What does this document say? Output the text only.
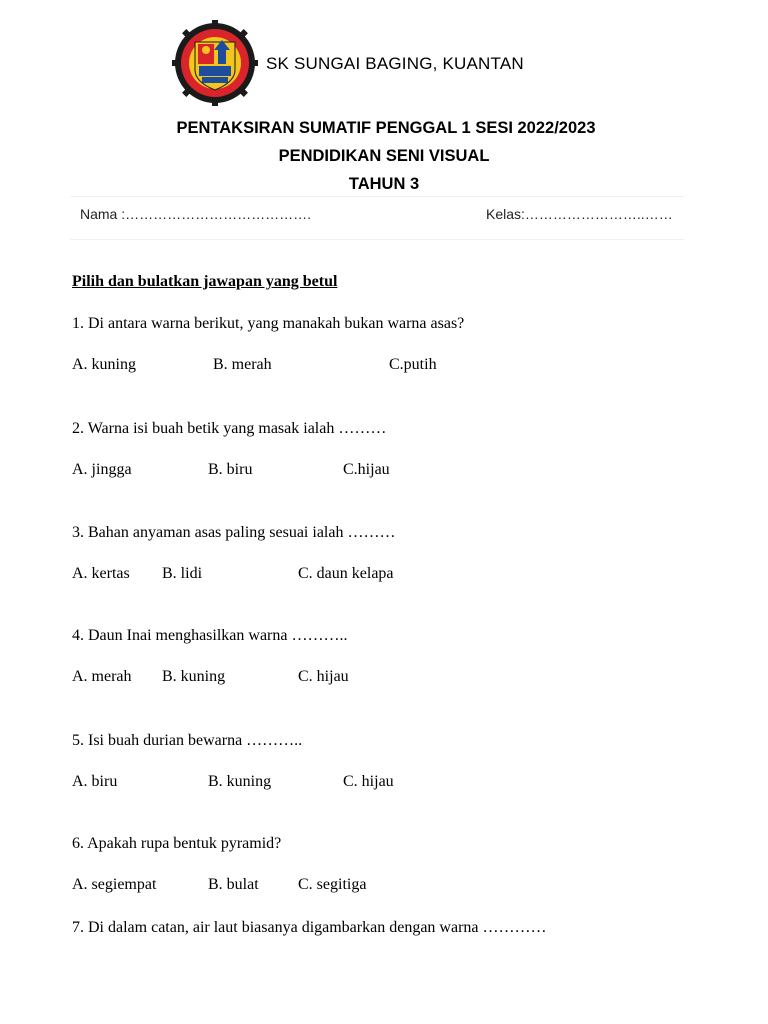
SK SUNGAI BAGING, KUANTAN
PENTAKSIRAN SUMATIF PENGGAL 1 SESI 2022/2023
PENDIDIKAN SENI VISUAL
TAHUN 3
Nama :………………………………….	Kelas:……………………..……
Pilih dan bulatkan jawapan yang betul
1. Di antara warna berikut, yang manakah bukan warna asas?
A. kuning	B. merah	C.putih
2. Warna isi buah betik yang masak ialah ………
A. jingga	B. biru	C.hijau
3. Bahan anyaman asas paling sesuai ialah ………
A. kertas B. lidi	C. daun kelapa
4. Daun Inai menghasilkan warna ………..
A. merah B. kuning	C. hijau
5. Isi buah durian bewarna ………..
A. biru	B. kuning	C. hijau
6. Apakah rupa bentuk pyramid?
A. segiempat	B. bulat C. segitiga
7. Di dalam catan, air laut biasanya digambarkan dengan warna …………
